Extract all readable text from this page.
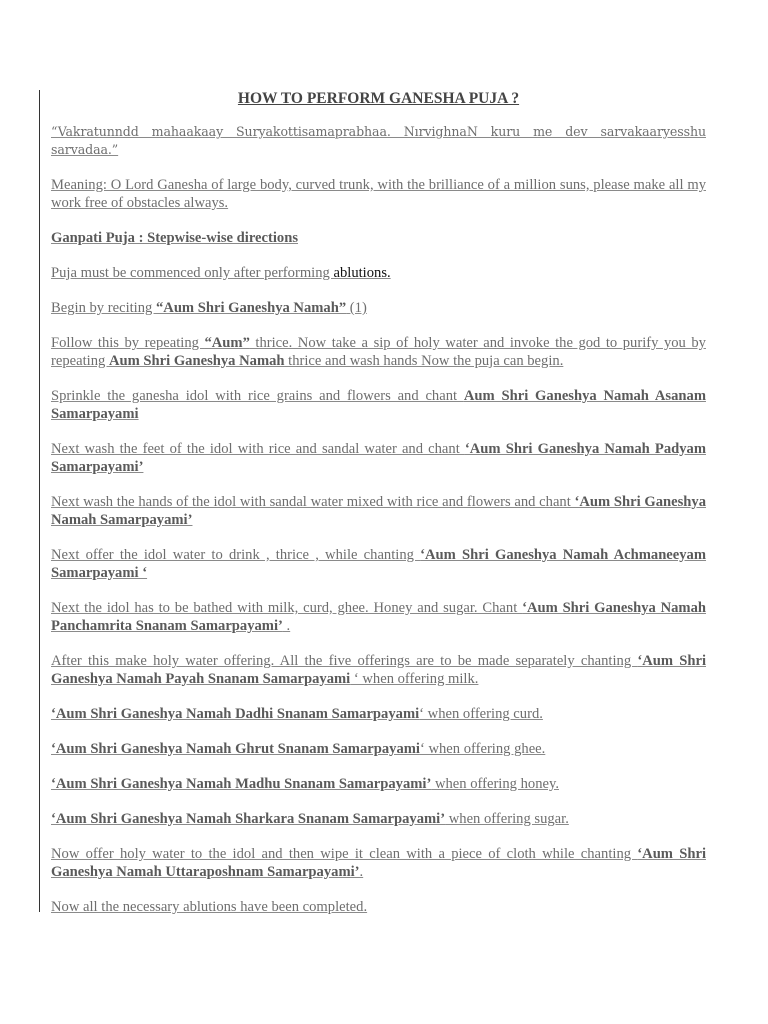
HOW TO PERFORM GANESHA PUJA ?

“Vakratunndd mahaakaay Suryakottisamaprabhaa. NırvighnaN kuru me dev sarvakaaryesshu sarvadaa.”

Meaning: O Lord Ganesha of large body, curved trunk, with the brilliance of a million suns, please make all my work free of obstacles always.

Ganpati Puja : Stepwise-wise directions

Puja must be commenced only after performing ablutions.

Begin by reciting “Aum Shri Ganeshya Namah” (1)

Follow this by repeating “Aum” thrice. Now take a sip of holy water and invoke the god to purify you by repeating Aum Shri Ganeshya Namah thrice and wash hands Now the puja can begin.

Sprinkle the ganesha idol with rice grains and flowers and chant Aum Shri Ganeshya Namah Asanam Samarpayami

Next wash the feet of the idol with rice and sandal water and chant ‘Aum Shri Ganeshya Namah Padyam Samarpayami’

Next wash the hands of the idol with sandal water mixed with rice and flowers and chant ‘Aum Shri Ganeshya Namah Samarpayami’

Next offer the idol water to drink , thrice , while chanting ‘Aum Shri Ganeshya Namah Achmaneeyam Samarpayami ‘

Next the idol has to be bathed with milk, curd, ghee. Honey and sugar. Chant ‘Aum Shri Ganeshya Namah Panchamrita Snanam Samarpayami’ .

After this make holy water offering. All the five offerings are to be made separately chanting ‘Aum Shri Ganeshya Namah Payah Snanam Samarpayami ‘ when offering milk.

‘Aum Shri Ganeshya Namah Dadhi Snanam Samarpayami‘ when offering curd.

‘Aum Shri Ganeshya Namah Ghrut Snanam Samarpayami‘ when offering ghee.

‘Aum Shri Ganeshya Namah Madhu Snanam Samarpayami’ when offering honey.

‘Aum Shri Ganeshya Namah Sharkara Snanam Samarpayami’ when offering sugar.

Now offer holy water to the idol and then wipe it clean with a piece of cloth while chanting ‘Aum Shri Ganeshya Namah Uttaraposhnam Samarpayami’.

Now all the necessary ablutions have been completed.
